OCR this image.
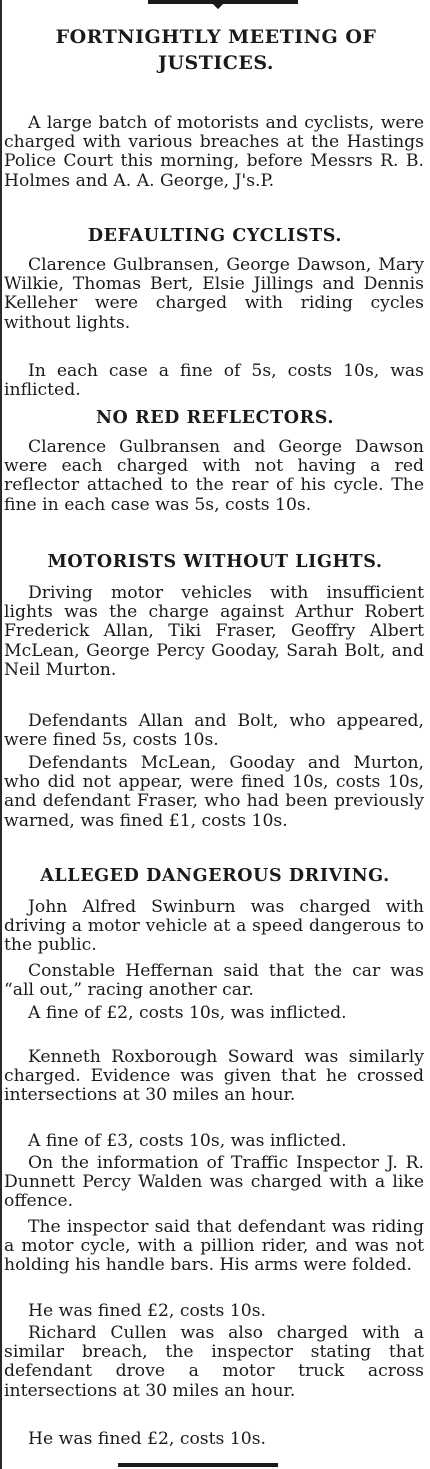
FORTNIGHTLY MEETING OF JUSTICES.

A large batch of motorists and cyclists, were charged with various breaches at the Hastings Police Court this morning, before Messrs R. B. Holmes and A. A. George, J's.P.

DEFAULTING CYCLISTS.

Clarence Gulbransen, George Dawson, Mary Wilkie, Thomas Bert, Elsie Jillings and Dennis Kelleher were charged with riding cycles without lights.

In each case a fine of 5s, costs 10s, was inflicted.

NO RED REFLECTORS.

Clarence Gulbransen and George Dawson were each charged with not having a red reflector attached to the rear of his cycle. The fine in each case was 5s, costs 10s.

MOTORISTS WITHOUT LIGHTS.

Driving motor vehicles with insufficient lights was the charge against Arthur Robert Frederick Allan, Tiki Fraser, Geoffry Albert McLean, George Percy Gooday, Sarah Bolt, and Neil Murton.

Defendants Allan and Bolt, who appeared, were fined 5s, costs 10s.

Defendants McLean, Gooday and Murton, who did not appear, were fined 10s, costs 10s, and defendant Fraser, who had been previously warned, was fined £1, costs 10s.

ALLEGED DANGEROUS DRIVING.

John Alfred Swinburn was charged with driving a motor vehicle at a speed dangerous to the public.

Constable Heffernan said that the car was “all out,” racing another car.

A fine of £2, costs 10s, was inflicted.

Kenneth Roxborough Soward was similarly charged. Evidence was given that he crossed intersections at 30 miles an hour.

A fine of £3, costs 10s, was inflicted.

On the information of Traffic Inspector J. R. Dunnett Percy Walden was charged with a like offence.

The inspector said that defendant was riding a motor cycle, with a pillion rider, and was not holding his handle bars. His arms were folded.

He was fined £2, costs 10s.

Richard Cullen was also charged with a similar breach, the inspector stating that defendant drove a motor truck across intersections at 30 miles an hour.

He was fined £2, costs 10s.
